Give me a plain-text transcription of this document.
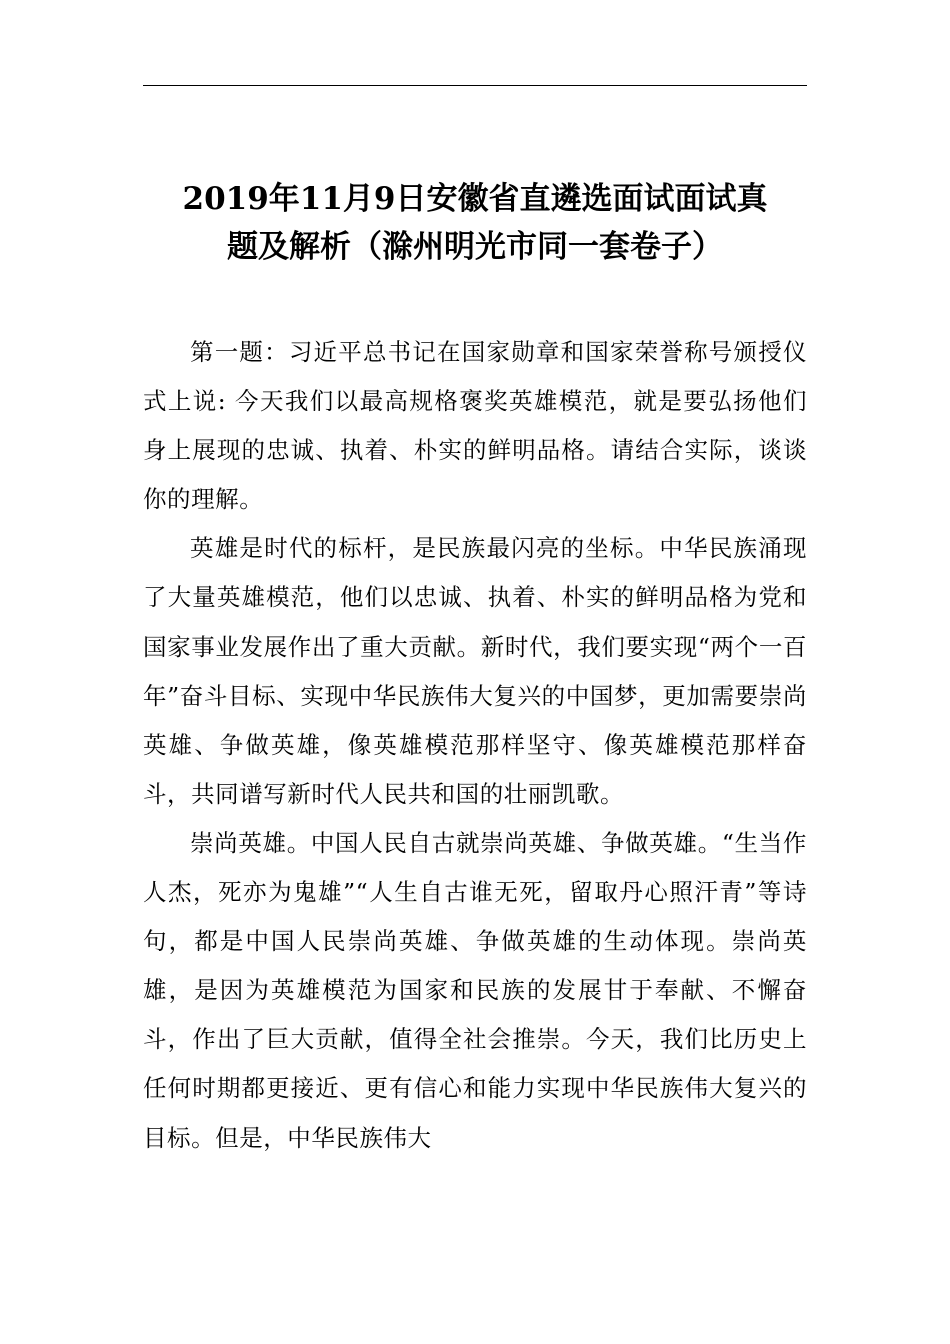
2019年11月9日安徽省直遴选面试面试真
题及解析（滁州明光市同一套卷子）

第一题：习近平总书记在国家勋章和国家荣誉称号颁授仪式上说: 今天我们以最高规格褒奖英雄模范，就是要弘扬他们身上展现的忠诚、执着、朴实的鲜明品格。请结合实际，谈谈你的理解。

英雄是时代的标杆，是民族最闪亮的坐标。中华民族涌现了大量英雄模范，他们以忠诚、执着、朴实的鲜明品格为党和国家事业发展作出了重大贡献。新时代，我们要实现“两个一百年”奋斗目标、实现中华民族伟大复兴的中国梦，更加需要崇尚英雄、争做英雄，像英雄模范那样坚守、像英雄模范那样奋斗，共同谱写新时代人民共和国的壮丽凯歌。

崇尚英雄。中国人民自古就崇尚英雄、争做英雄。“生当作人杰，死亦为鬼雄”“人生自古谁无死，留取丹心照汗青”等诗句，都是中国人民崇尚英雄、争做英雄的生动体现。崇尚英雄，是因为英雄模范为国家和民族的发展甘于奉献、不懈奋斗，作出了巨大贡献，值得全社会推崇。今天，我们比历史上任何时期都更接近、更有信心和能力实现中华民族伟大复兴的目标。但是，中华民族伟大
